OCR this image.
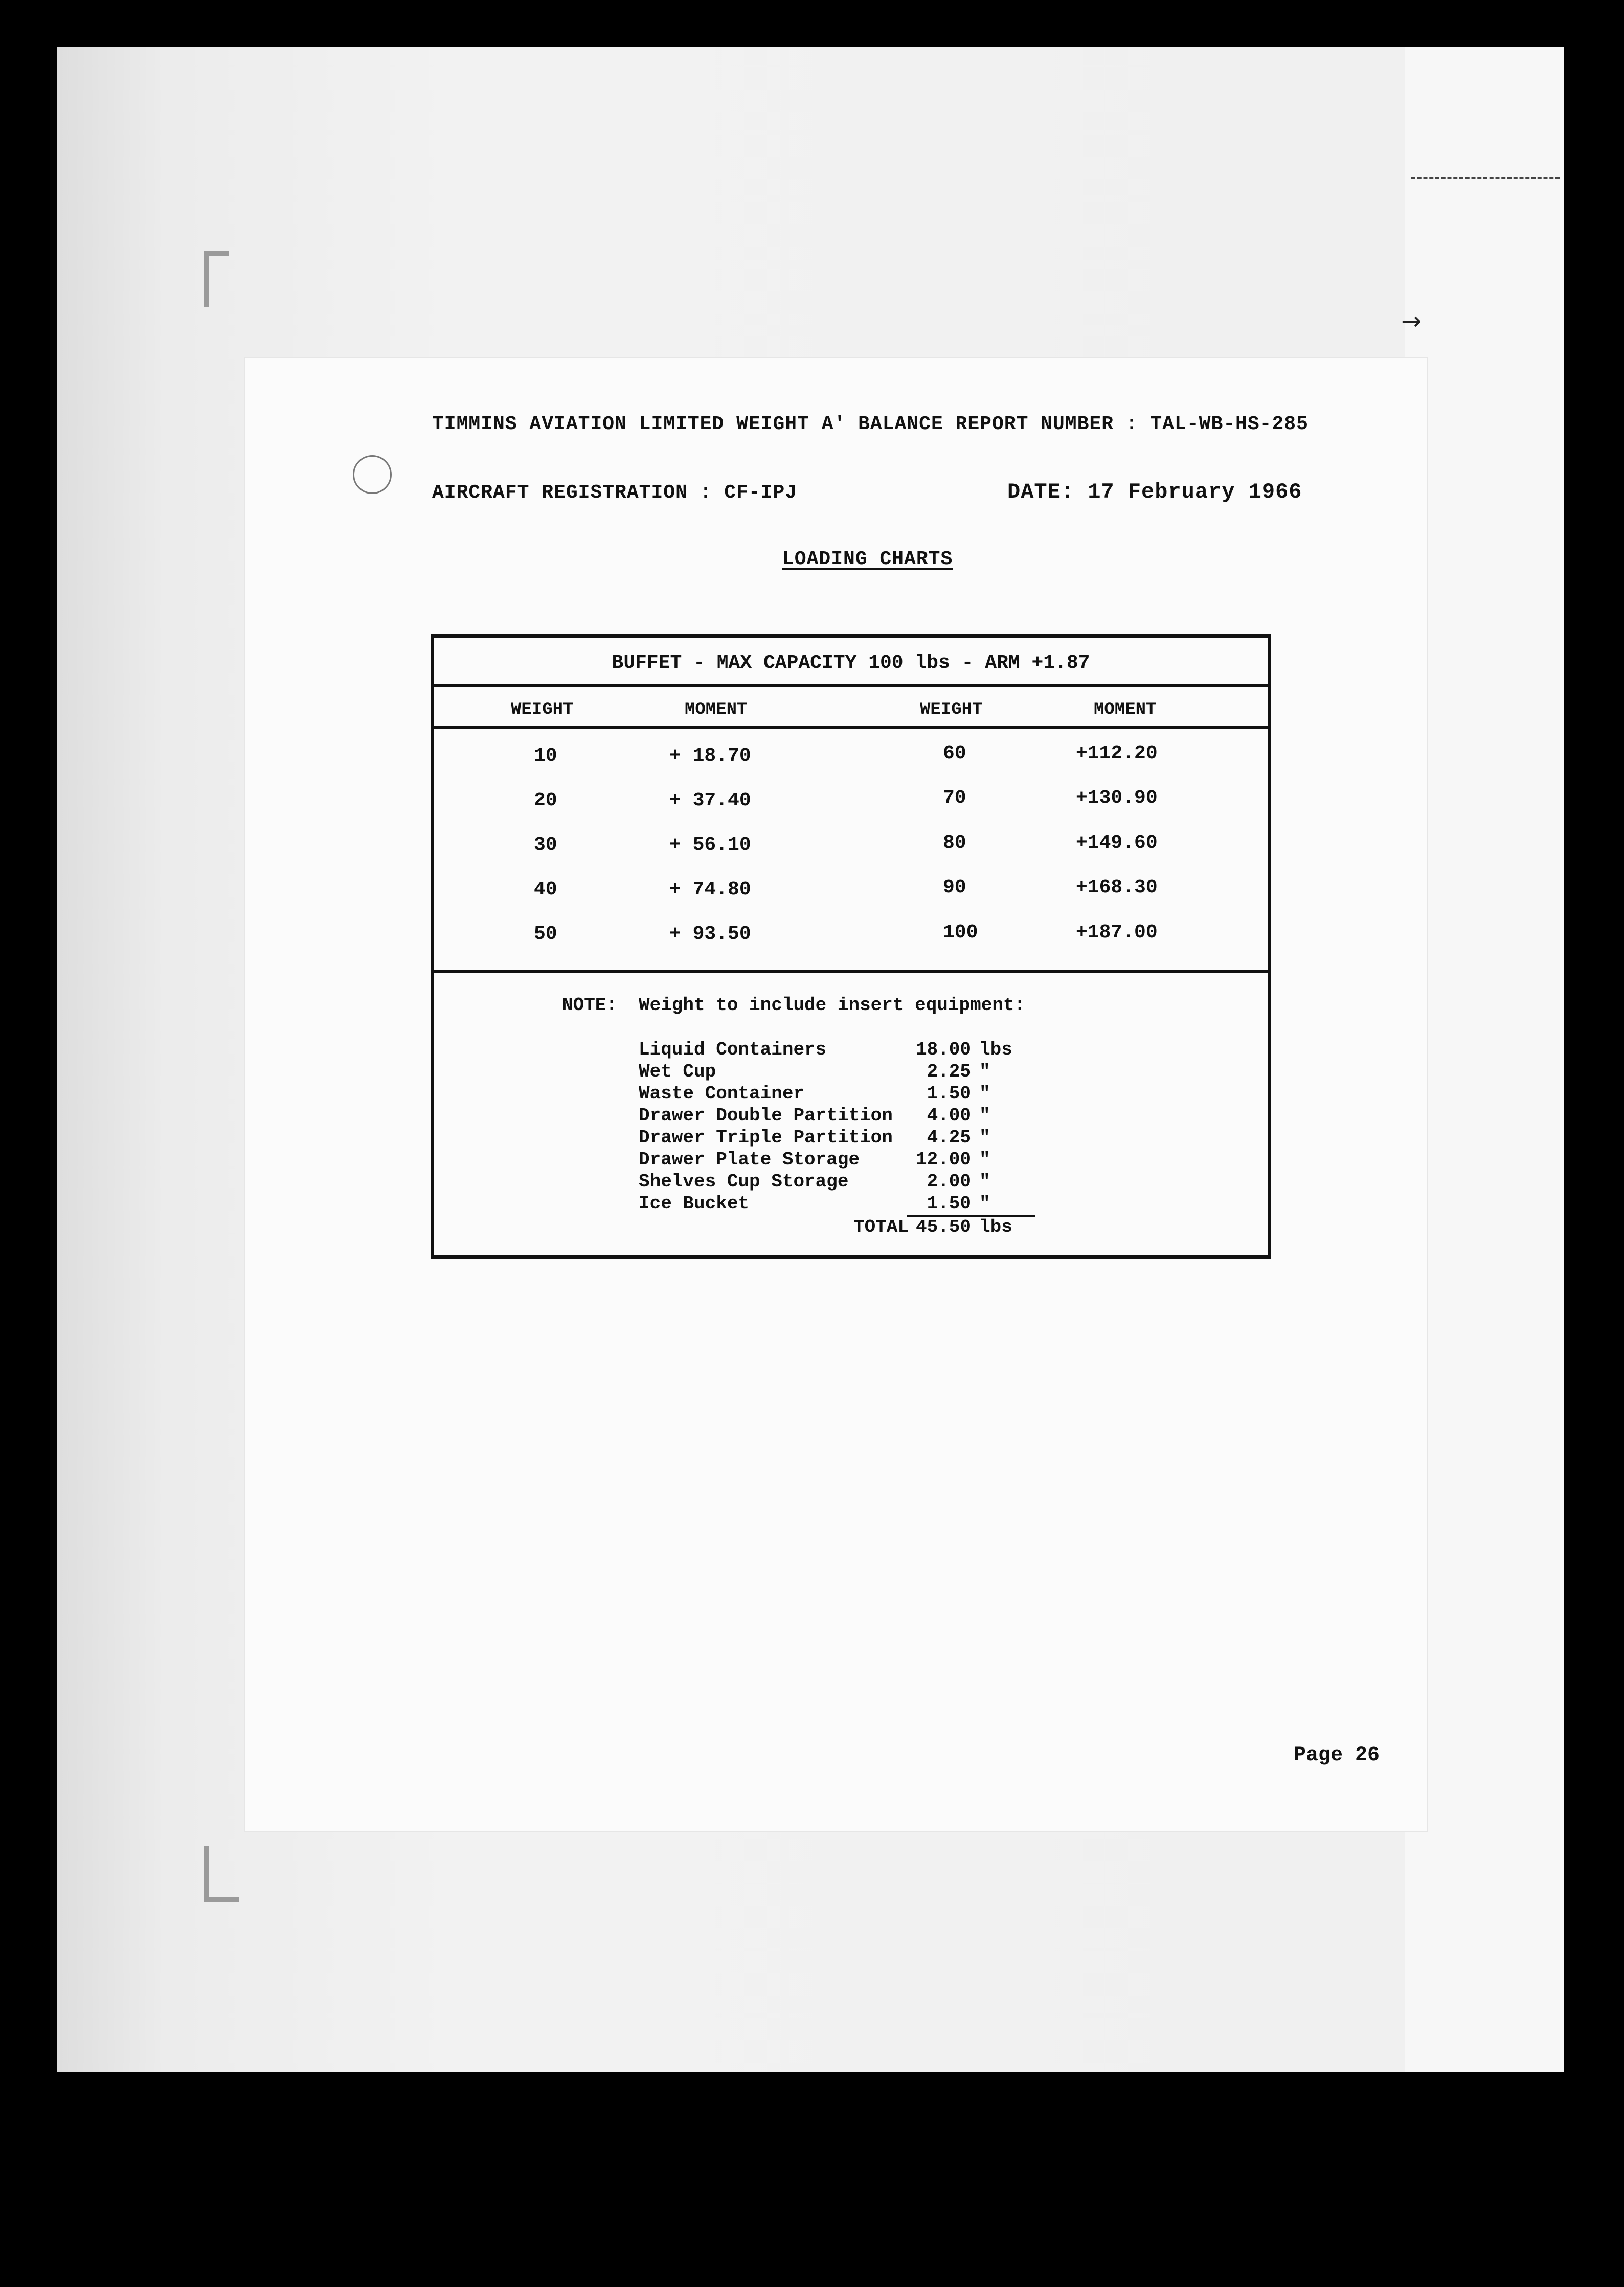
→
TIMMINS AVIATION LIMITED WEIGHT A' BALANCE REPORT NUMBER : TAL-WB-HS-285
AIRCRAFT REGISTRATION : CF-IPJ	DATE: 17 February 1966
LOADING CHARTS
BUFFET - MAX CAPACITY 100 lbs - ARM +1.87
WEIGHT	MOMENT	WEIGHT	MOMENT
10	+ 18.70	60	+112.20
20	+ 37.40	70	+130.90
30	+ 56.10	80	+149.60
40	+ 74.80	90	+168.30
50	+ 93.50	100	+187.00
NOTE: Weight to include insert equipment:
Liquid Containers	18.00 lbs
Wet Cup	2.25 "
Waste Container	1.50 "
Drawer Double Partition	4.00 "
Drawer Triple Partition	4.25 "
Drawer Plate Storage	12.00 "
Shelves Cup Storage	2.00 "
Ice Bucket	1.50 "
TOTAL 45.50 lbs
Page 26
